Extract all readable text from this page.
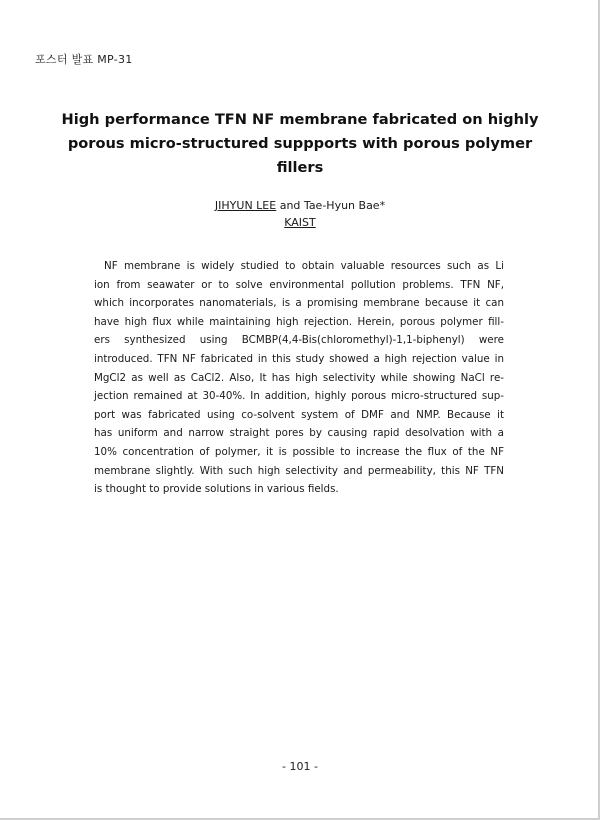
포스터 발표 MP-31
High performance TFN NF membrane fabricated on highly
porous micro-structured suppports with porous polymer
fillers
JIHYUN LEE and Tae-Hyun Bae*
KAIST
NF membrane is widely studied to obtain valuable resources such as Li
ion from seawater or to solve environmental pollution problems. TFN NF,
which incorporates nanomaterials, is a promising membrane because it can
have high flux while maintaining high rejection. Herein, porous polymer fill-
ers synthesized using BCMBP(4,4-Bis(chloromethyl)-1,1-biphenyl) were
introduced. TFN NF fabricated in this study showed a high rejection value in
MgCl2 as well as CaCl2. Also, It has high selectivity while showing NaCl re-
jection remained at 30-40%. In addition, highly porous micro-structured sup-
port was fabricated using co-solvent system of DMF and NMP. Because it
has uniform and narrow straight pores by causing rapid desolvation with a
10% concentration of polymer, it is possible to increase the flux of the NF
membrane slightly. With such high selectivity and permeability, this NF TFN
is thought to provide solutions in various fields.
- 101 -
